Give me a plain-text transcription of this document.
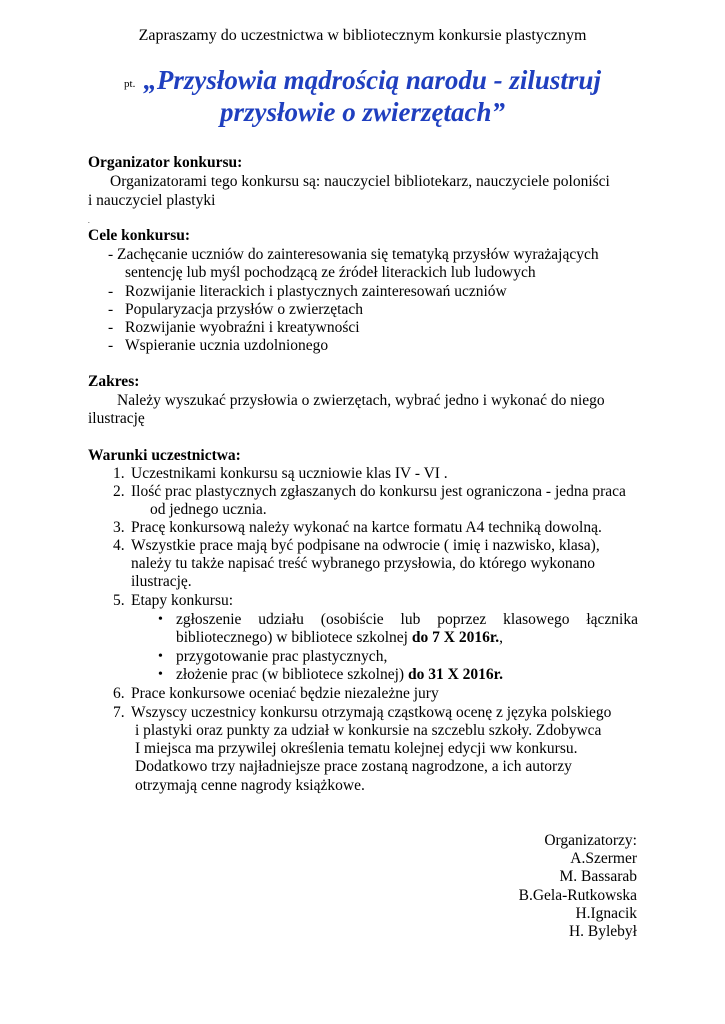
Zapraszamy do uczestnictwa w bibliotecznym konkursie plastycznym
pt. „Przysłowia mądrością narodu - zilustruj
przysłowie o zwierzętach”
Organizator konkursu:
Organizatorami tego konkursu są: nauczyciel bibliotekarz, nauczyciele poloniści
i nauczyciel plastyki
.
Cele konkursu:
- Zachęcanie uczniów do zainteresowania się tematyką przysłów wyrażających
sentencję lub myśl pochodzącą ze źródeł literackich lub ludowych
- Rozwijanie literackich i plastycznych zainteresowań uczniów
- Popularyzacja przysłów o zwierzętach
- Rozwijanie wyobraźni i kreatywności
- Wspieranie ucznia uzdolnionego
Zakres:
Należy wyszukać przysłowia o zwierzętach, wybrać jedno i wykonać do niego
ilustrację
Warunki uczestnictwa:
1. Uczestnikami konkursu są uczniowie klas IV - VI .
2. Ilość prac plastycznych zgłaszanych do konkursu jest ograniczona - jedna praca
od jednego ucznia.
3. Pracę konkursową należy wykonać na kartce formatu A4 techniką dowolną.
4. Wszystkie prace mają być podpisane na odwrocie ( imię i nazwisko, klasa),
należy tu także napisać treść wybranego przysłowia, do którego wykonano
ilustrację.
5. Etapy konkursu:
• zgłoszenie udziału (osobiście lub poprzez klasowego łącznika
bibliotecznego) w bibliotece szkolnej do 7 X 2016r.,
• przygotowanie prac plastycznych,
• złożenie prac (w bibliotece szkolnej) do 31 X 2016r.
6. Prace konkursowe oceniać będzie niezależne jury
7. Wszyscy uczestnicy konkursu otrzymają cząstkową ocenę z języka polskiego
i plastyki oraz punkty za udział w konkursie na szczeblu szkoły. Zdobywca
I miejsca ma przywilej określenia tematu kolejnej edycji ww konkursu.
Dodatkowo trzy najładniejsze prace zostaną nagrodzone, a ich autorzy
otrzymają cenne nagrody książkowe.
Organizatorzy:
A.Szermer
M. Bassarab
B.Gela-Rutkowska
H.Ignacik
H. Bylebył
